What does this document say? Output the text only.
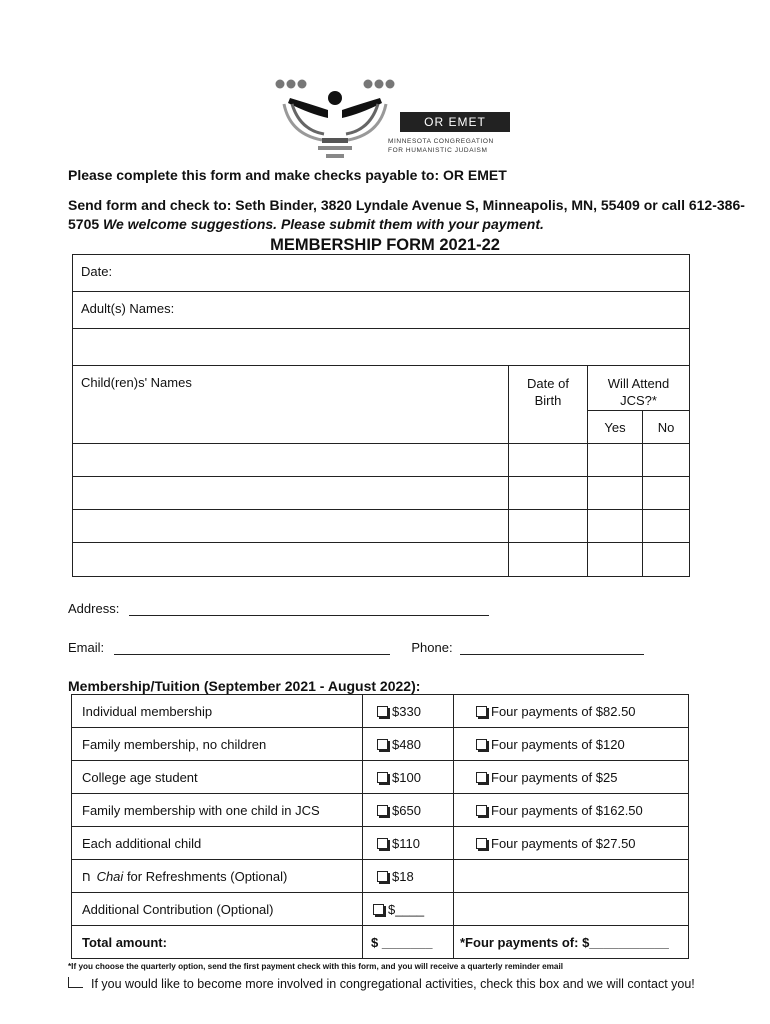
OR EMET
MINNESOTA CONGREGATION
FOR HUMANISTIC JUDAISM
Please complete this form and make checks payable to: OR EMET
Send form and check to: Seth Binder, 3820 Lyndale Avenue S, Minneapolis, MN, 55409 or call 612-386-5705 We welcome suggestions. Please submit them with your payment.
MEMBERSHIP FORM 2021-22
Date:			
Adult(s) Names:			

Child(ren)s' Names	Date of Birth	Will Attend JCS?*	

		Yes	No

Address:
Email:	Phone:
Membership/Tuition (September 2021 - August 2022):
Individual membership	$330	Four payments of $82.50
Family membership, no children	$480	Four payments of $120
College age student	$100	Four payments of $25
Family membership with one child in JCS	$650	Four payments of $162.50
Each additional child	$110	Four payments of $27.50
ח Chai for Refreshments (Optional)	$18	
Additional Contribution (Optional)	$____	
Total amount:	$ _______	*Four payments of: $___________
*If you choose the quarterly option, send the first payment check with this form, and you will receive a quarterly reminder email
If you would like to become more involved in congregational activities, check this box and we will contact you!
